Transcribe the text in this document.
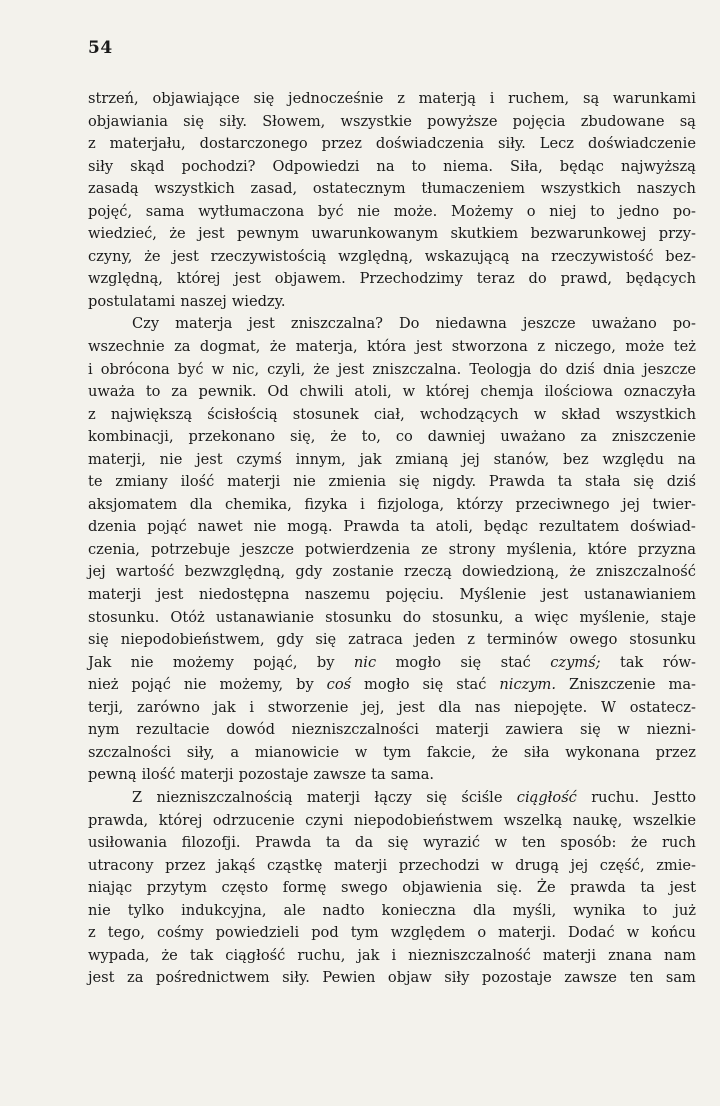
54
strzeń, objawiające się jednocześnie z materją i ruchem, są warunkami
objawiania się siły. Słowem, wszystkie powyższe pojęcia zbudowane są
z materjału, dostarczonego przez doświadczenia siły. Lecz doświadczenie
siły skąd pochodzi? Odpowiedzi na to niema. Siła, będąc najwyższą
zasadą wszystkich zasad, ostatecznym tłumaczeniem wszystkich naszych
pojęć, sama wytłumaczona być nie może. Możemy o niej to jedno po-
wiedzieć, że jest pewnym uwarunkowanym skutkiem bezwarunkowej przy-
czyny, że jest rzeczywistością względną, wskazującą na rzeczywistość bez-
względną, której jest objawem. Przechodzimy teraz do prawd, będących
postulatami naszej wiedzy.
Czy materja jest zniszczalna? Do niedawna jeszcze uważano po-
wszechnie za dogmat, że materja, która jest stworzona z niczego, może też
i obrócona być w nic, czyli, że jest zniszczalna. Teologja do dziś dnia jeszcze
uważa to za pewnik. Od chwili atoli, w której chemja ilościowa oznaczyła
z największą ścisłością stosunek ciał, wchodzących w skład wszystkich
kombinacji, przekonano się, że to, co dawniej uważano za zniszczenie
materji, nie jest czymś innym, jak zmianą jej stanów, bez względu na
te zmiany ilość materji nie zmienia się nigdy. Prawda ta stała się dziś
aksjomatem dla chemika, fizyka i fizjologa, którzy przeciwnego jej twier-
dzenia pojąć nawet nie mogą. Prawda ta atoli, będąc rezultatem doświad-
czenia, potrzebuje jeszcze potwierdzenia ze strony myślenia, które przyzna
jej wartość bezwzględną, gdy zostanie rzeczą dowiedzioną, że zniszczalność
materji jest niedostępna naszemu pojęciu. Myślenie jest ustanawianiem
stosunku. Otóż ustanawianie stosunku do stosunku, a więc myślenie, staje
się niepodobieństwem, gdy się zatraca jeden z terminów owego stosunku
Jak nie możemy pojąć, by nic mogło się stać czymś; tak rów-
nież pojąć nie możemy, by coś mogło się stać niczym. Zniszczenie ma-
terji, zarówno jak i stworzenie jej, jest dla nas niepojęte. W ostatecz-
nym rezultacie dowód niezniszczalności materji zawiera się w niezni-
szczalności siły, a mianowicie w tym fakcie, że siła wykonana przez
pewną ilość materji pozostaje zawsze ta sama.
Z niezniszczalnością materji łączy się ściśle ciągłość ruchu. Jestto
prawda, której odrzucenie czyni niepodobieństwem wszelką naukę, wszelkie
usiłowania filozofji. Prawda ta da się wyrazić w ten sposób: że ruch
utracony przez jakąś cząstkę materji przechodzi w drugą jej część, zmie-
niając przytym często formę swego objawienia się. Że prawda ta jest
nie tylko indukcyjna, ale nadto konieczna dla myśli, wynika to już
z tego, cośmy powiedzieli pod tym względem o materji. Dodać w końcu
wypada, że tak ciągłość ruchu, jak i niezniszczalność materji znana nam
jest za pośrednictwem siły. Pewien objaw siły pozostaje zawsze ten sam
